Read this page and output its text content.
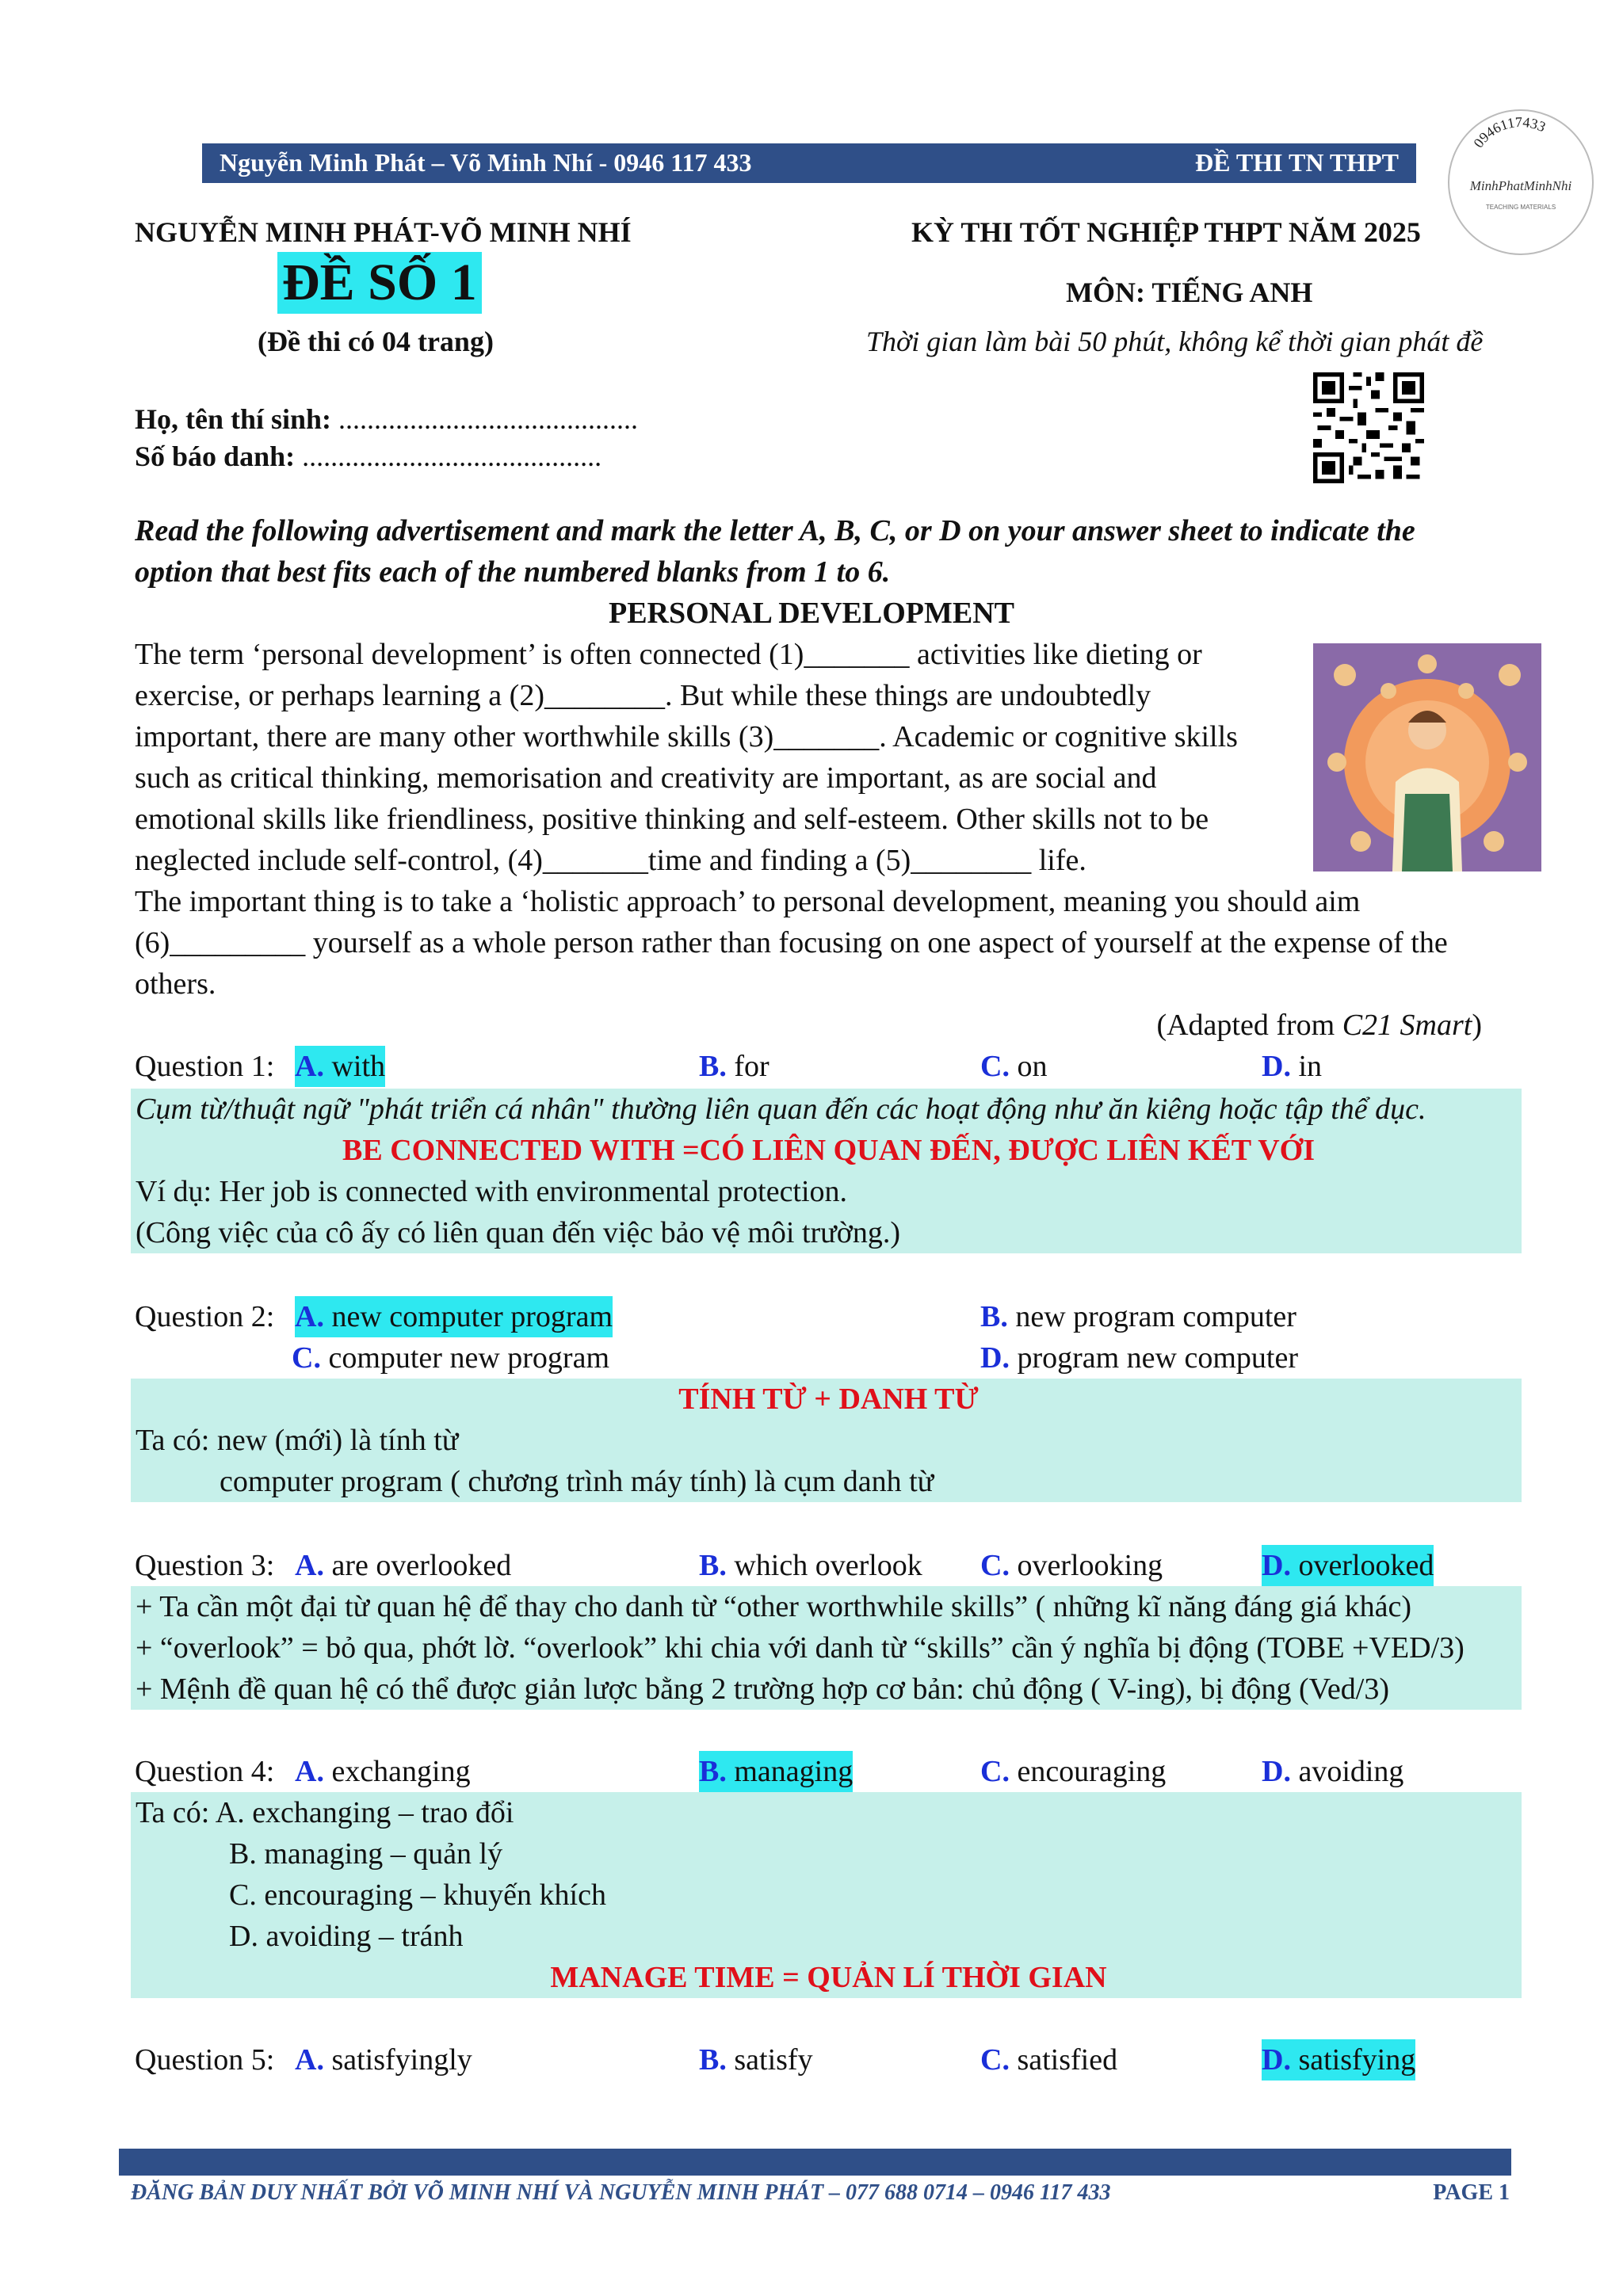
Nguyễn Minh Phát – Võ Minh Nhí - 0946 117 433	ĐỀ THI TN THPT
0946117433
MinhPhatMinhNhi
TEACHING MATERIALS
NGUYỄN MINH PHÁT-VÕ MINH NHÍ
ĐỀ SỐ 1
(Đề thi có 04 trang)
KỲ THI TỐT NGHIỆP THPT NĂM 2025
MÔN: TIẾNG ANH
Thời gian làm bài 50 phút, không kể thời gian phát đề
Họ, tên thí sinh: ..........................................
Số báo danh: ..........................................
Read the following advertisement and mark the letter A, B, C, or D on your answer sheet to indicate the
option that best fits each of the numbered blanks from 1 to 6.
PERSONAL DEVELOPMENT
The term ‘personal development’ is often connected (1)_______ activities like dieting or
exercise, or perhaps learning a (2)________. But while these things are undoubtedly
important, there are many other worthwhile skills (3)_______. Academic or cognitive skills
such as critical thinking, memorisation and creativity are important, as are social and
emotional skills like friendliness, positive thinking and self-esteem. Other skills not to be
neglected include self-control, (4)_______time and finding a (5)________ life.
The important thing is to take a ‘holistic approach’ to personal development, meaning you should aim
(6)_________ yourself as a whole person rather than focusing on one aspect of yourself at the expense of the
others.
(Adapted from C21 Smart)
Question 1: A. with	B. for	C. on	D. in
Cụm từ/thuật ngữ "phát triển cá nhân" thường liên quan đến các hoạt động như ăn kiêng hoặc tập thể dục.
BE CONNECTED WITH =CÓ LIÊN QUAN ĐẾN, ĐƯỢC LIÊN KẾT VỚI
Ví dụ: Her job is connected with environmental protection.
(Công việc của cô ấy có liên quan đến việc bảo vệ môi trường.)
Question 2: A. new computer program	B. new program computer
C. computer new program	D. program new computer
TÍNH TỪ + DANH TỪ
Ta có: new (mới) là tính từ
computer program ( chương trình máy tính) là cụm danh từ
Question 3: A. are overlooked	B. which overlook C. overlooking	D. overlooked
+ Ta cần một đại từ quan hệ để thay cho danh từ “other worthwhile skills” ( những kĩ năng đáng giá khác)
+ “overlook” = bỏ qua, phớt lờ. “overlook” khi chia với danh từ “skills” cần ý nghĩa bị động (TOBE +VED/3)
+ Mệnh đề quan hệ có thể được giản lược bằng 2 trường hợp cơ bản: chủ động ( V-ing), bị động (Ved/3)
Question 4: A. exchanging	B. managing	C. encouraging	D. avoiding
Ta có: A. exchanging – trao đổi
B. managing – quản lý
C. encouraging – khuyến khích
D. avoiding – tránh
MANAGE TIME = QUẢN LÍ THỜI GIAN
Question 5: A. satisfyingly	B. satisfy	C. satisfied	D. satisfying
ĐĂNG BẢN DUY NHẤT BỞI VÕ MINH NHÍ VÀ NGUYỄN MINH PHÁT – 077 688 0714 – 0946 117 433	PAGE 1
